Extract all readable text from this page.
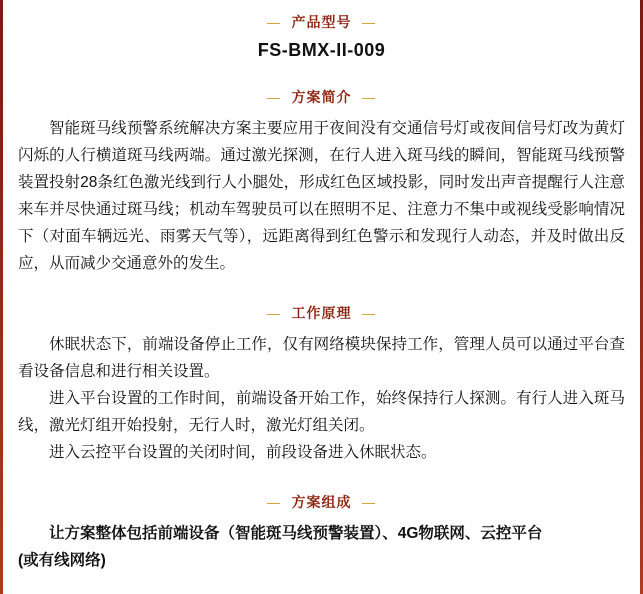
— 产品型号 —
FS-BMX-II-009
— 方案简介 —

智能斑马线预警系统解决方案主要应用于夜间没有交通信号灯或夜间信号灯改为黄灯闪烁的人行横道斑马线两端。通过激光探测，在行人进入斑马线的瞬间，智能斑马线预警装置投射28条红色激光线到行人小腿处，形成红色区域投影，同时发出声音提醒行人注意来车并尽快通过斑马线；机动车驾驶员可以在照明不足、注意力不集中或视线受影响情况下（对面车辆远光、雨雾天气等），远距离得到红色警示和发现行人动态，并及时做出反应，从而减少交通意外的发生。

— 工作原理 —

休眠状态下，前端设备停止工作，仅有网络模块保持工作，管理人员可以通过平台查看设备信息和进行相关设置。

进入平台设置的工作时间，前端设备开始工作，始终保持行人探测。有行人进入斑马线，激光灯组开始投射，无行人时，激光灯组关闭。

进入云控平台设置的关闭时间，前段设备进入休眠状态。

— 方案组成 —

让方案整体包括前端设备（智能斑马线预警装置）、4G物联网、云控平台

(或有线网络)
